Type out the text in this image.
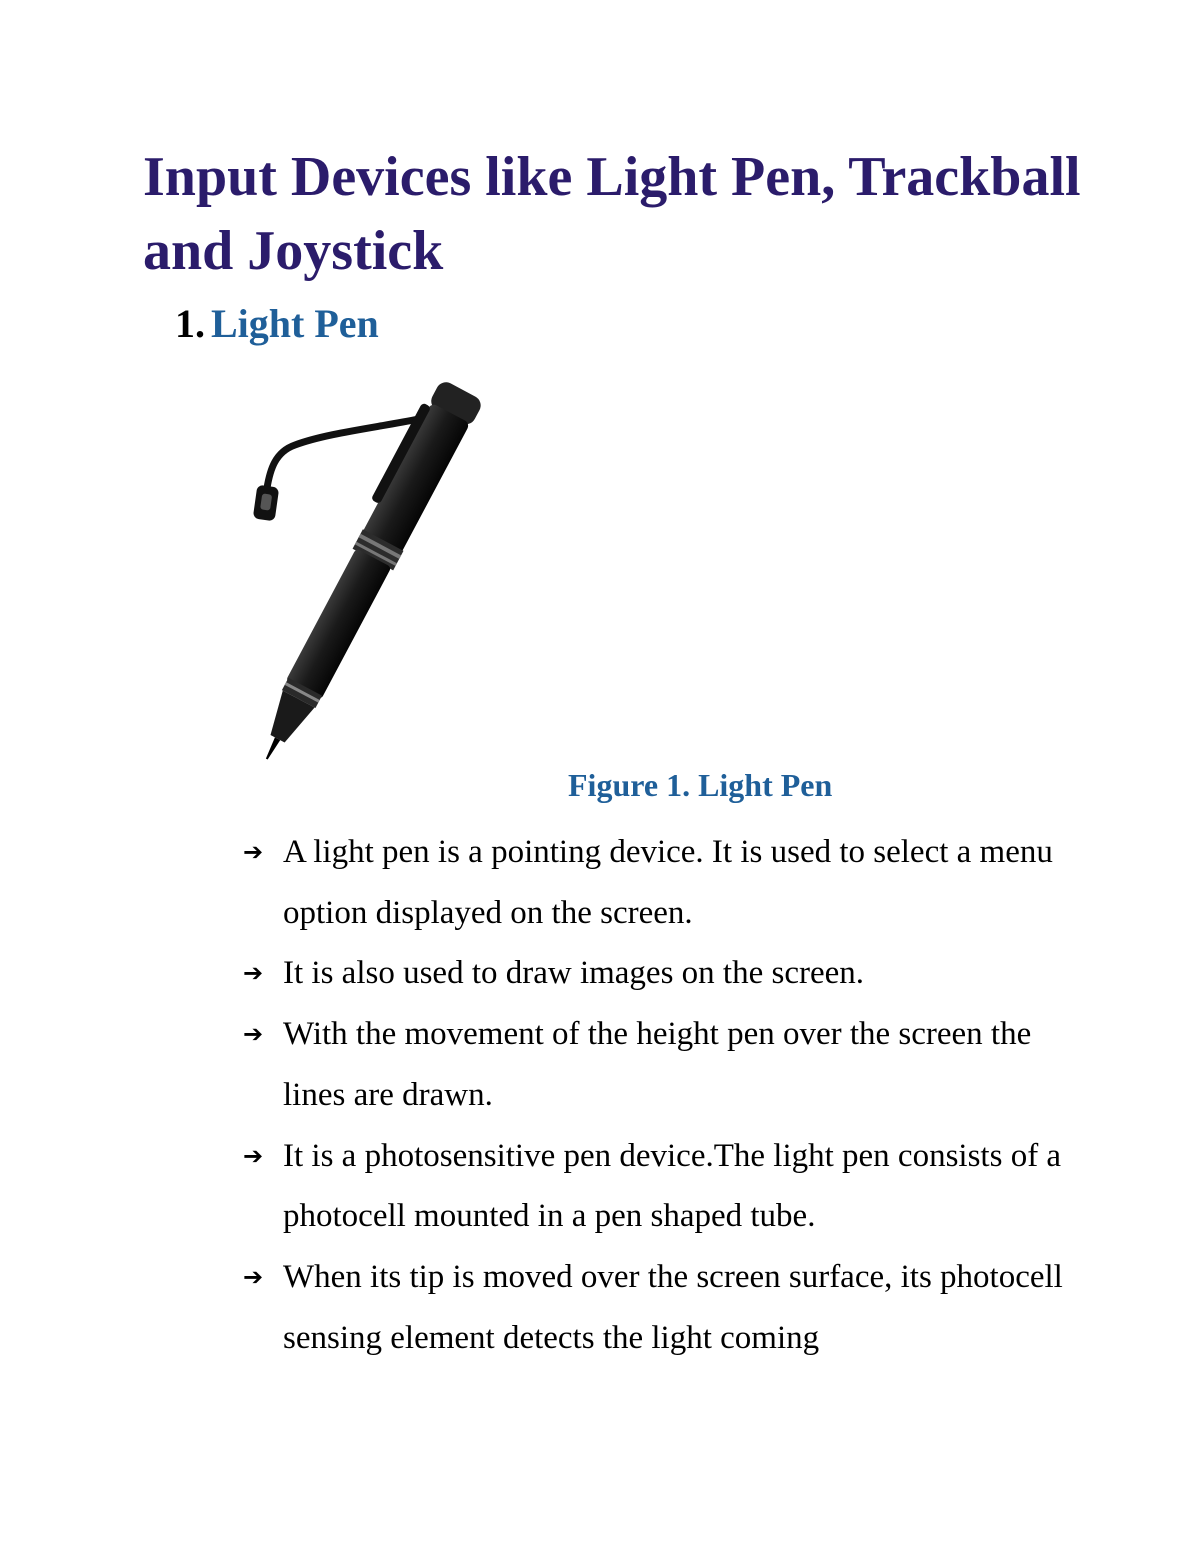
Input Devices like Light Pen, Trackball and Joystick
1. Light Pen

Figure 1. Light Pen

➔ A light pen is a pointing device. It is used to select a menu option displayed on the screen.
➔ It is also used to draw images on the screen.
➔ With the movement of the height pen over the screen the lines are drawn.
➔ It is a photosensitive pen device.The light pen consists of a photocell mounted in a pen shaped tube.
➔ When its tip is moved over the screen surface, its photocell sensing element detects the light coming
